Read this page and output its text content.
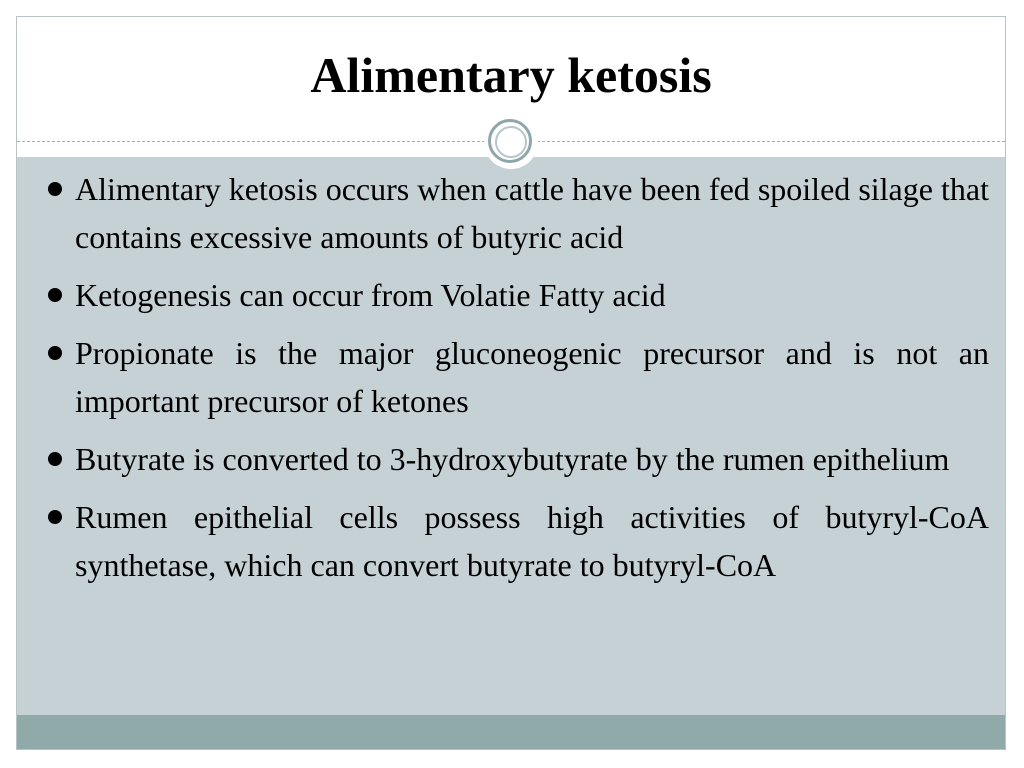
Alimentary ketosis
Alimentary ketosis occurs when cattle have been fed spoiled silage that contains excessive amounts of butyric acid
Ketogenesis can occur from Volatie Fatty acid
Propionate is the major gluconeogenic precursor and is not an important precursor of ketones
Butyrate is converted to 3-hydroxybutyrate by the rumen epithelium
Rumen epithelial cells possess high activities of butyryl-CoA synthetase, which can convert butyrate to butyryl-CoA
